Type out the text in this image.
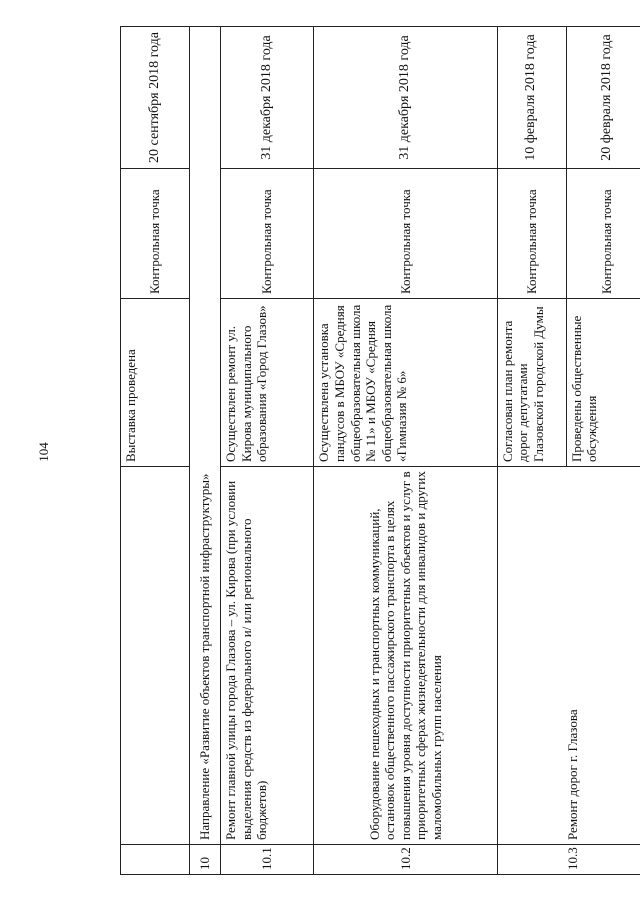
104
			Выставка проведена	Контрольная точка	20 сентября 2018 года
10	Направление «Развитие объектов транспортной инфраструктуры»			
10.1	Ремонт главной улицы города Глазова – ул. Кирова (при условии выделения средств из федерального и/ или регионального бюджетов)	Осуществлен ремонт ул. Кирова муниципального образования «Город Глазов»	Контрольная точка	31 декабря 2018 года
10.2	Оборудование пешеходных и транспортных коммуникаций, остановок общественного пассажирского транспорта в целях повышения уровня доступности приоритетных объектов и услуг в приоритетных сферах жизнедеятельности для инвалидов и других маломобильных групп населения	Осуществлена установка пандусов в МБОУ «Средняя общеобразовательная школа № 11» и МБОУ «Средняя общеобразовательная школа «Гимназия № 6»	Контрольная точка	31 декабря 2018 года
10.3	Ремонт дорог г. Глазова	Согласован план ремонта дорог депутатами Глазовской городской Думы	Контрольная точка	10 февраля 2018 года
		Проведены общественные обсуждения	Контрольная точка	20 февраля 2018 года
